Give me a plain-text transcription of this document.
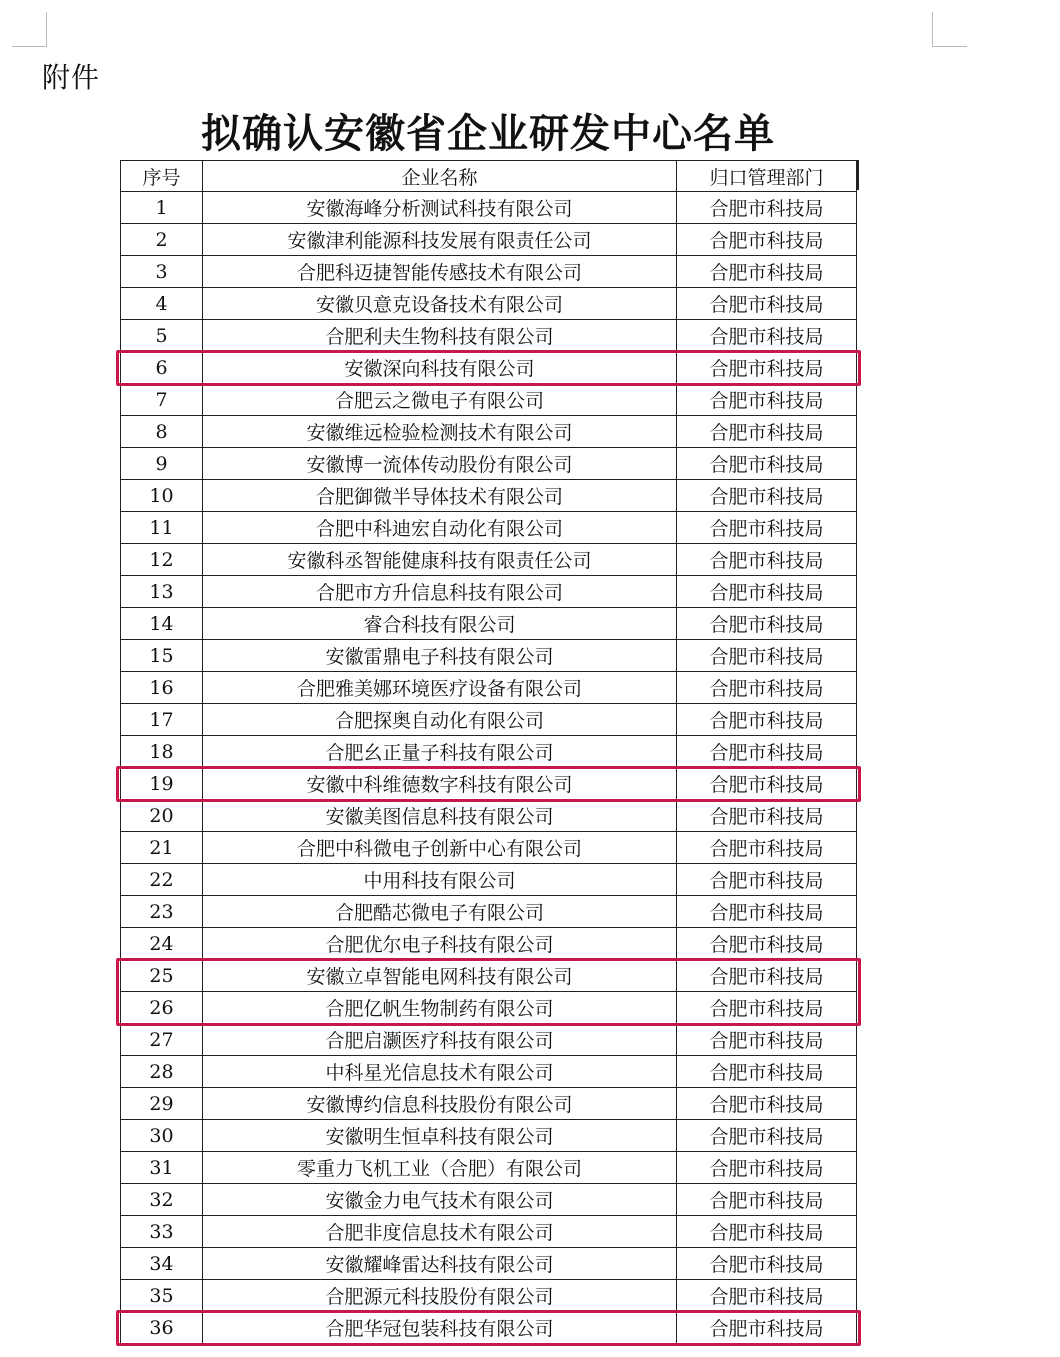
附件
拟确认安徽省企业研发中心名单
序号	企业名称	归口管理部门
1	安徽海峰分析测试科技有限公司	合肥市科技局
2	安徽津利能源科技发展有限责任公司	合肥市科技局
3	合肥科迈捷智能传感技术有限公司	合肥市科技局
4	安徽贝意克设备技术有限公司	合肥市科技局
5	合肥利夫生物科技有限公司	合肥市科技局
6	安徽深向科技有限公司	合肥市科技局
7	合肥云之微电子有限公司	合肥市科技局
8	安徽维远检验检测技术有限公司	合肥市科技局
9	安徽博一流体传动股份有限公司	合肥市科技局
10	合肥御微半导体技术有限公司	合肥市科技局
11	合肥中科迪宏自动化有限公司	合肥市科技局
12	安徽科丞智能健康科技有限责任公司	合肥市科技局
13	合肥市方升信息科技有限公司	合肥市科技局
14	睿合科技有限公司	合肥市科技局
15	安徽雷鼎电子科技有限公司	合肥市科技局
16	合肥雅美娜环境医疗设备有限公司	合肥市科技局
17	合肥探奥自动化有限公司	合肥市科技局
18	合肥幺正量子科技有限公司	合肥市科技局
19	安徽中科维德数字科技有限公司	合肥市科技局
20	安徽美图信息科技有限公司	合肥市科技局
21	合肥中科微电子创新中心有限公司	合肥市科技局
22	中用科技有限公司	合肥市科技局
23	合肥酷芯微电子有限公司	合肥市科技局
24	合肥优尔电子科技有限公司	合肥市科技局
25	安徽立卓智能电网科技有限公司	合肥市科技局
26	合肥亿帆生物制药有限公司	合肥市科技局
27	合肥启灏医疗科技有限公司	合肥市科技局
28	中科星光信息技术有限公司	合肥市科技局
29	安徽博约信息科技股份有限公司	合肥市科技局
30	安徽明生恒卓科技有限公司	合肥市科技局
31	零重力飞机工业（合肥）有限公司	合肥市科技局
32	安徽金力电气技术有限公司	合肥市科技局
33	合肥非度信息技术有限公司	合肥市科技局
34	安徽耀峰雷达科技有限公司	合肥市科技局
35	合肥源元科技股份有限公司	合肥市科技局
36	合肥华冠包装科技有限公司	合肥市科技局
